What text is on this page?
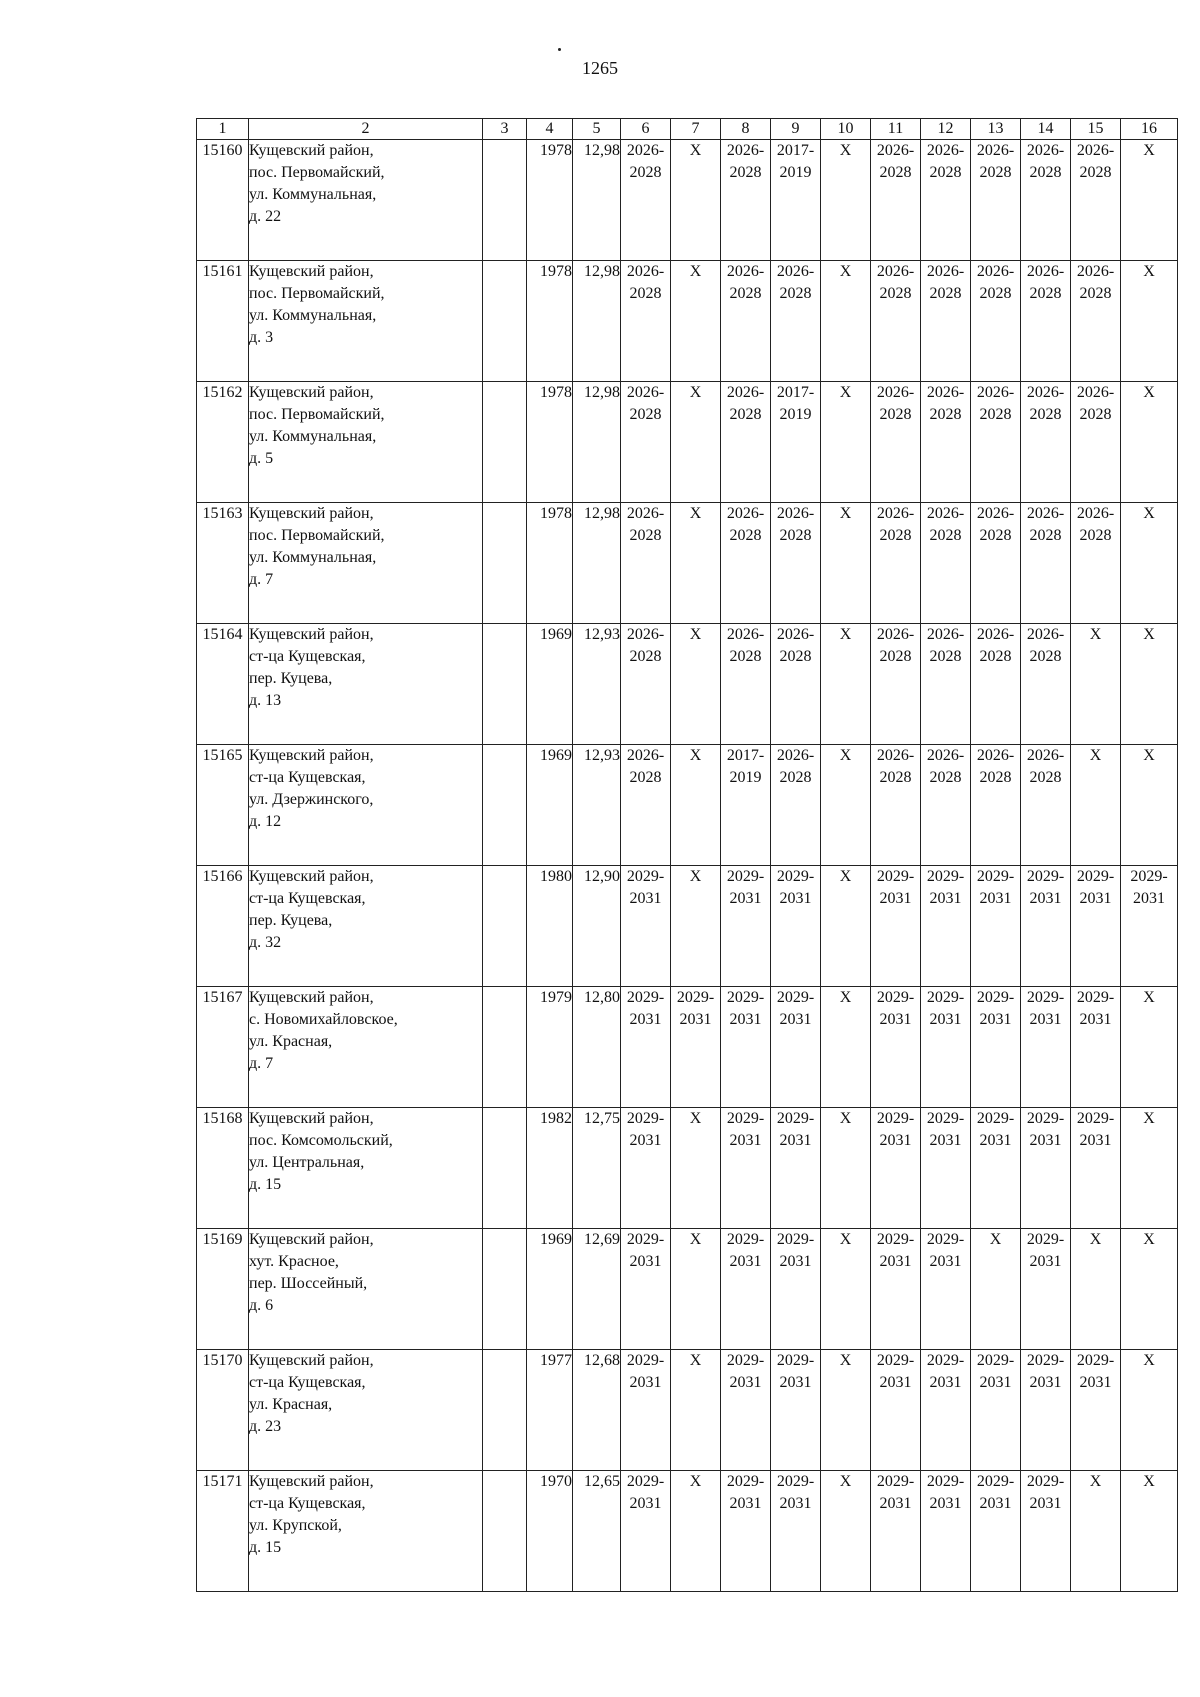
1265
1	2	3	4	5	6	7	8	9	10	11	12	13	14	15	16
15160	Кущевский район,
пос. Первомайский,
ул. Коммунальная,
д. 22		1978	12,98	2026-
2028	X	2026-
2028	2017-
2019	X	2026-
2028	2026-
2028	2026-
2028	2026-
2028	2026-
2028	X

15161	Кущевский район,
пос. Первомайский,
ул. Коммунальная,
д. 3		1978	12,98	2026-
2028	X	2026-
2028	2026-
2028	X	2026-
2028	2026-
2028	2026-
2028	2026-
2028	2026-
2028	X

15162	Кущевский район,
пос. Первомайский,
ул. Коммунальная,
д. 5		1978	12,98	2026-
2028	X	2026-
2028	2017-
2019	X	2026-
2028	2026-
2028	2026-
2028	2026-
2028	2026-
2028	X

15163	Кущевский район,
пос. Первомайский,
ул. Коммунальная,
д. 7		1978	12,98	2026-
2028	X	2026-
2028	2026-
2028	X	2026-
2028	2026-
2028	2026-
2028	2026-
2028	2026-
2028	X

15164	Кущевский район,
ст-ца Кущевская,
пер. Куцева,
д. 13		1969	12,93	2026-
2028	X	2026-
2028	2026-
2028	X	2026-
2028	2026-
2028	2026-
2028	2026-
2028	X	X

15165	Кущевский район,
ст-ца Кущевская,
ул. Дзержинского,
д. 12		1969	12,93	2026-
2028	X	2017-
2019	2026-
2028	X	2026-
2028	2026-
2028	2026-
2028	2026-
2028	X	X

15166	Кущевский район,
ст-ца Кущевская,
пер. Куцева,
д. 32		1980	12,90	2029-
2031	X	2029-
2031	2029-
2031	X	2029-
2031	2029-
2031	2029-
2031	2029-
2031	2029-
2031	2029-
2031

15167	Кущевский район,
с. Новомихайловское,
ул. Красная,
д. 7		1979	12,80	2029-
2031	2029-
2031	2029-
2031	2029-
2031	X	2029-
2031	2029-
2031	2029-
2031	2029-
2031	2029-
2031	X

15168	Кущевский район,
пос. Комсомольский,
ул. Центральная,
д. 15		1982	12,75	2029-
2031	X	2029-
2031	2029-
2031	X	2029-
2031	2029-
2031	2029-
2031	2029-
2031	2029-
2031	X

15169	Кущевский район,
хут. Красное,
пер. Шоссейный,
д. 6		1969	12,69	2029-
2031	X	2029-
2031	2029-
2031	X	2029-
2031	2029-
2031	X	2029-
2031	X	X

15170	Кущевский район,
ст-ца Кущевская,
ул. Красная,
д. 23		1977	12,68	2029-
2031	X	2029-
2031	2029-
2031	X	2029-
2031	2029-
2031	2029-
2031	2029-
2031	2029-
2031	X

15171	Кущевский район,
ст-ца Кущевская,
ул. Крупской,
д. 15		1970	12,65	2029-
2031	X	2029-
2031	2029-
2031	X	2029-
2031	2029-
2031	2029-
2031	2029-
2031	X	X
